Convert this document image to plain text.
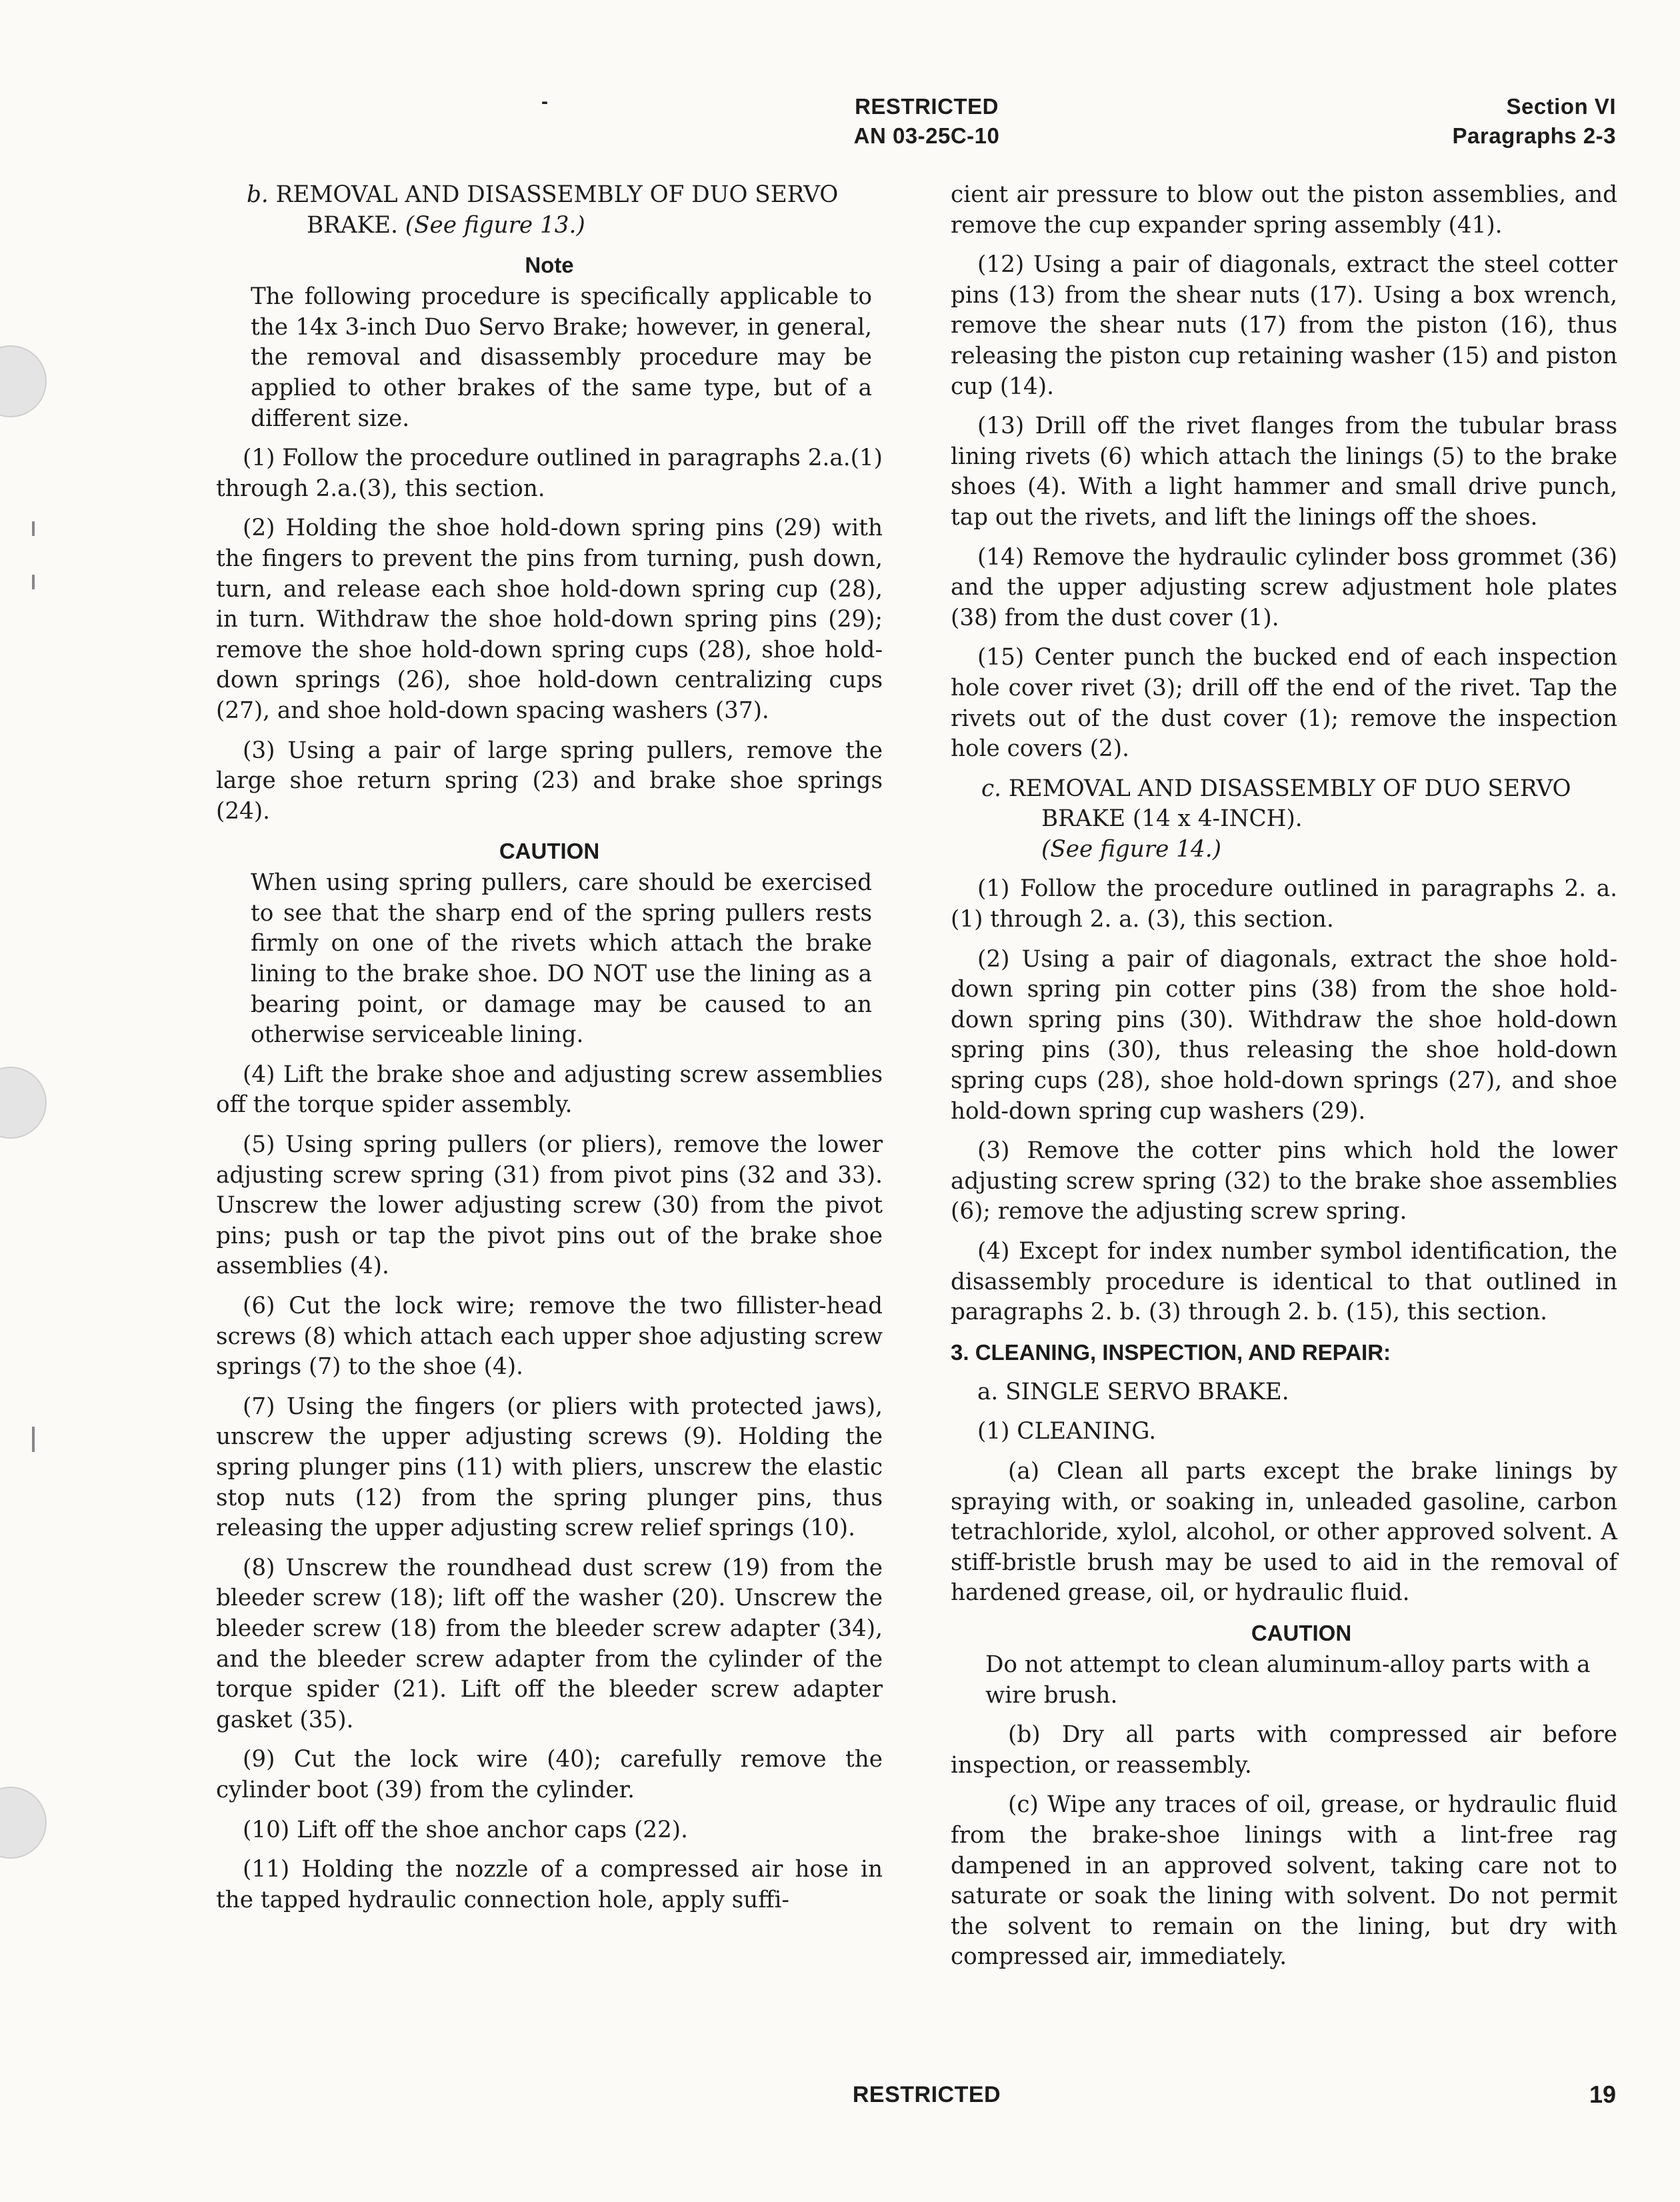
-	RESTRICTED
AN 03-25C-10
Section VI
Paragraphs 2-3
b. REMOVAL AND DISASSEMBLY OF DUO SERVO BRAKE. (See figure 13.)
Note

The following procedure is specifically applicable to the 14x 3-inch Duo Servo Brake; however, in general, the removal and disassembly procedure may be applied to other brakes of the same type, but of a different size.

(1) Follow the procedure outlined in paragraphs 2.a.(1) through 2.a.(3), this section.

(2) Holding the shoe hold-down spring pins (29) with the fingers to prevent the pins from turning, push down, turn, and release each shoe hold-down spring cup (28), in turn. Withdraw the shoe hold-down spring pins (29); remove the shoe hold-down spring cups (28), shoe hold-down springs (26), shoe hold-down centralizing cups (27), and shoe hold-down spacing washers (37).

(3) Using a pair of large spring pullers, remove the large shoe return spring (23) and brake shoe springs (24).

CAUTION

When using spring pullers, care should be exercised to see that the sharp end of the spring pullers rests firmly on one of the rivets which attach the brake lining to the brake shoe. DO NOT use the lining as a bearing point, or damage may be caused to an otherwise serviceable lining.

(4) Lift the brake shoe and adjusting screw assemblies off the torque spider assembly.

(5) Using spring pullers (or pliers), remove the lower adjusting screw spring (31) from pivot pins (32 and 33). Unscrew the lower adjusting screw (30) from the pivot pins; push or tap the pivot pins out of the brake shoe assemblies (4).

(6) Cut the lock wire; remove the two fillister-head screws (8) which attach each upper shoe adjusting screw springs (7) to the shoe (4).

(7) Using the fingers (or pliers with protected jaws), unscrew the upper adjusting screws (9). Holding the spring plunger pins (11) with pliers, unscrew the elastic stop nuts (12) from the spring plunger pins, thus releasing the upper adjusting screw relief springs (10).

(8) Unscrew the roundhead dust screw (19) from the bleeder screw (18); lift off the washer (20). Unscrew the bleeder screw (18) from the bleeder screw adapter (34), and the bleeder screw adapter from the cylinder of the torque spider (21). Lift off the bleeder screw adapter gasket (35).

(9) Cut the lock wire (40); carefully remove the cylinder boot (39) from the cylinder.

(10) Lift off the shoe anchor caps (22).

(11) Holding the nozzle of a compressed air hose in the tapped hydraulic connection hole, apply suffi-

cient air pressure to blow out the piston assemblies, and remove the cup expander spring assembly (41).

(12) Using a pair of diagonals, extract the steel cotter pins (13) from the shear nuts (17). Using a box wrench, remove the shear nuts (17) from the piston (16), thus releasing the piston cup retaining washer (15) and piston cup (14).

(13) Drill off the rivet flanges from the tubular brass lining rivets (6) which attach the linings (5) to the brake shoes (4). With a light hammer and small drive punch, tap out the rivets, and lift the linings off the shoes.

(14) Remove the hydraulic cylinder boss grommet (36) and the upper adjusting screw adjustment hole plates (38) from the dust cover (1).

(15) Center punch the bucked end of each inspection hole cover rivet (3); drill off the end of the rivet. Tap the rivets out of the dust cover (1); remove the inspection hole covers (2).

c. REMOVAL AND DISASSEMBLY OF DUO SERVO BRAKE (14 x 4-INCH).
(See figure 14.)

(1) Follow the procedure outlined in paragraphs 2. a. (1) through 2. a. (3), this section.

(2) Using a pair of diagonals, extract the shoe hold-down spring pin cotter pins (38) from the shoe hold-down spring pins (30). Withdraw the shoe hold-down spring pins (30), thus releasing the shoe hold-down spring cups (28), shoe hold-down springs (27), and shoe hold-down spring cup washers (29).

(3) Remove the cotter pins which hold the lower adjusting screw spring (32) to the brake shoe assemblies (6); remove the adjusting screw spring.

(4) Except for index number symbol identification, the disassembly procedure is identical to that outlined in paragraphs 2. b. (3) through 2. b. (15), this section.

3. CLEANING, INSPECTION, AND REPAIR:

a. SINGLE SERVO BRAKE.

(1) CLEANING.

(a) Clean all parts except the brake linings by spraying with, or soaking in, unleaded gasoline, carbon tetrachloride, xylol, alcohol, or other approved solvent. A stiff-bristle brush may be used to aid in the removal of hardened grease, oil, or hydraulic fluid.

CAUTION

Do not attempt to clean aluminum-alloy parts with a wire brush.

(b) Dry all parts with compressed air before inspection, or reassembly.

(c) Wipe any traces of oil, grease, or hydraulic fluid from the brake-shoe linings with a lint-free rag dampened in an approved solvent, taking care not to saturate or soak the lining with solvent. Do not permit the solvent to remain on the lining, but dry with compressed air, immediately.

RESTRICTED	19
